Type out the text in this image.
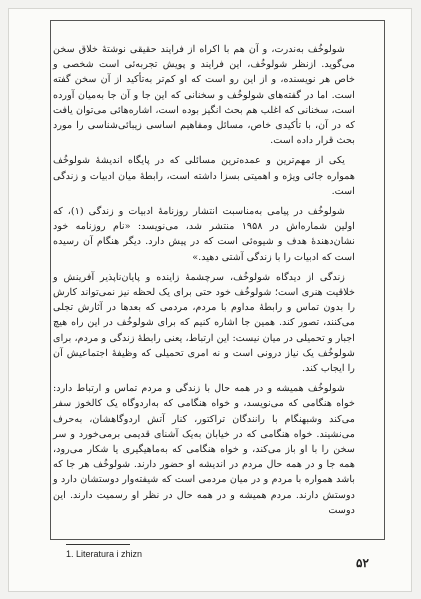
شولوخُف به‌ندرت، و آن هم با اکراه از فرایند حقیقی نوشتهٔ خلاق سخن می‌گوید. ازنظر شولوخُف، این فرایند و پویش تجربه‌ئی است شخصی و خاص هر نویسنده، و از این رو است که او کم‌تر به‌تأکید از آن سخن گفته است. اما در گفته‌های شولوخُف و سخنانی که این جا و آن جا به‌میان آورده است، سخنانی که اغلب هم بحث انگیز بوده است، اشاره‌هائی می‌توان یافت که در آن، با تأکیدی خاص، مسائل ومفاهیم اساسی زیبائی‌شناسی را مورد بحث قرار داده است.

یکی از مهم‌ترین و عمده‌ترین مسائلی که در پایگاه اندیشهٔ شولوخُف همواره جائی ویژه و اهمیتی بسزا داشته است، رابطهٔ میان ادبیات و زندگی است.

شولوخُف در پیامی به‌مناسبت انتشار روزنامهٔ ادبیات و زندگی (۱)، که اولین شماره‌اش در ۱۹۵۸ منتشر شد، می‌نویسد: «نام روزنامه خود نشان‌دهندهٔ هدف و شیوه‌ئی است که در پیش دارد. دیگر هنگام آن رسیده است که ادبیات را با زندگی آشتی دهید.»

زندگی از دیدگاه شولوخُف، سرچشمهٔ زاینده و پایان‌ناپذیر آفرینش و خلاقیت هنری است؛ شولوخُف خود حتی برای یک لحظه نیز نمی‌تواند کارش را بدون تماس و رابطهٔ مداوم با مردم، مردمی که بعدها در آثارش تجلی می‌کنند، تصور کند. همین جا اشاره کنیم که برای شولوخُف در این راه هیچ اجبار و تحمیلی در میان نیست: این ارتباط، یعنی رابطهٔ زندگی و مردم، برای شولوخُف یک نیاز درونی است و نه امری تحمیلی که وظیفهٔ اجتماعیش آن را ایجاب کند.

شولوخُف همیشه و در همه حال با زندگی و مردم تماس و ارتباط دارد: خواه هنگامی که می‌نویسد، و خواه هنگامی که به‌اردوگاه یک کالخوز سفر می‌کند وشبهنگام با رانندگان تراکتور، کنار آتش اردوگاهشان، به‌حرف می‌نشیند. خواه هنگامی که در خیابان به‌یک آشنای قدیمی برمی‌خورد و سر سخن را با او باز می‌کند، و خواه هنگامی که به‌ماهیگیری یا شکار می‌رود، همه جا و در همه حال مردم در اندیشه او حضور دارند. شولوخُف هر جا که باشد همواره با مردم و در میان مردمی است که شیفته‌وار دوستشان دارد و دوستش دارند. مردم همیشه و در همه حال در نظر او رسمیت دارند. این دوست

1. Literatura i zhizn
۵۲
